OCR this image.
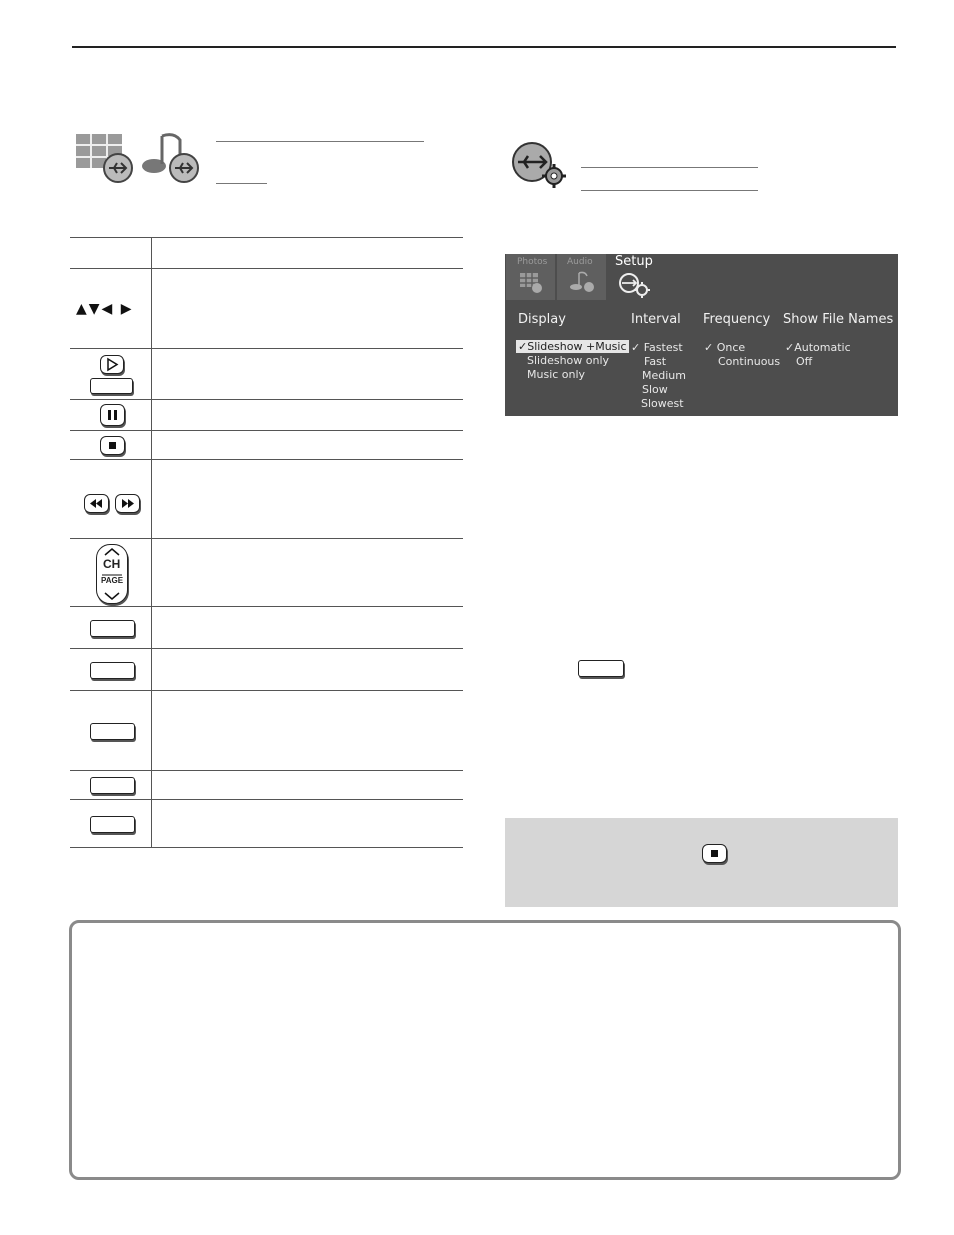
▲▼◀ ▶
CH
PAGE
Photos Audio Setup
Display	Interval Frequency Show File Names
✓Slideshow +Music
Slideshow only
Music only
✓ Fastest
Fast
Medium
Slow
Slowest
✓ Once
Continuous
✓Automatic
Off
